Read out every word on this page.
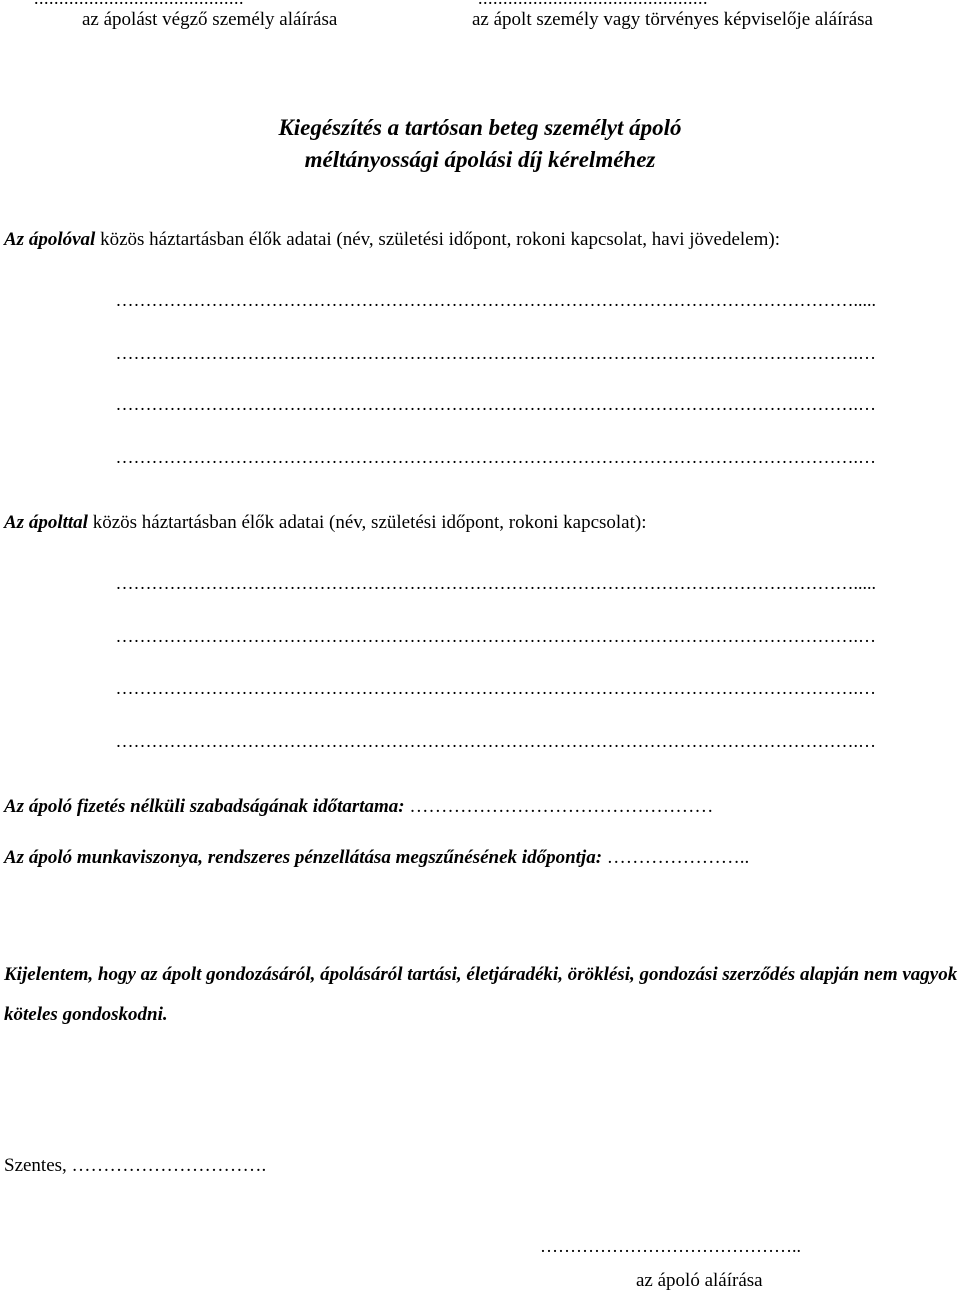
az ápolást végző személy aláírása	az ápolt személy vagy törvényes képviselője aláírása
Kiegészítés a tartósan beteg személyt ápoló
méltányossági ápolási díj kérelméhez
Az ápolóval közös háztartásban élők adatai (név, születési időpont, rokoni kapcsolat, havi jövedelem):
…………………………………………………………………………………………………………….....
…………………………………………………………………………………………………………….…
…………………………………………………………………………………………………………….…
…………………………………………………………………………………………………………….…
Az ápolttal közös háztartásban élők adatai (név, születési időpont, rokoni kapcsolat):
…………………………………………………………………………………………………………….....
…………………………………………………………………………………………………………….…
…………………………………………………………………………………………………………….…
…………………………………………………………………………………………………………….…
Az ápoló fizetés nélküli szabadságának időtartama: …………………………………………
Az ápoló munkaviszonya, rendszeres pénzellátása megszűnésének időpontja: …………………..
Kijelentem, hogy az ápolt gondozásáról, ápolásáról tartási, életjáradéki, öröklési, gondozási szerződés alapján nem vagyok köteles gondoskodni.
Szentes, ………………………….
……………………………………..
az ápoló aláírása
